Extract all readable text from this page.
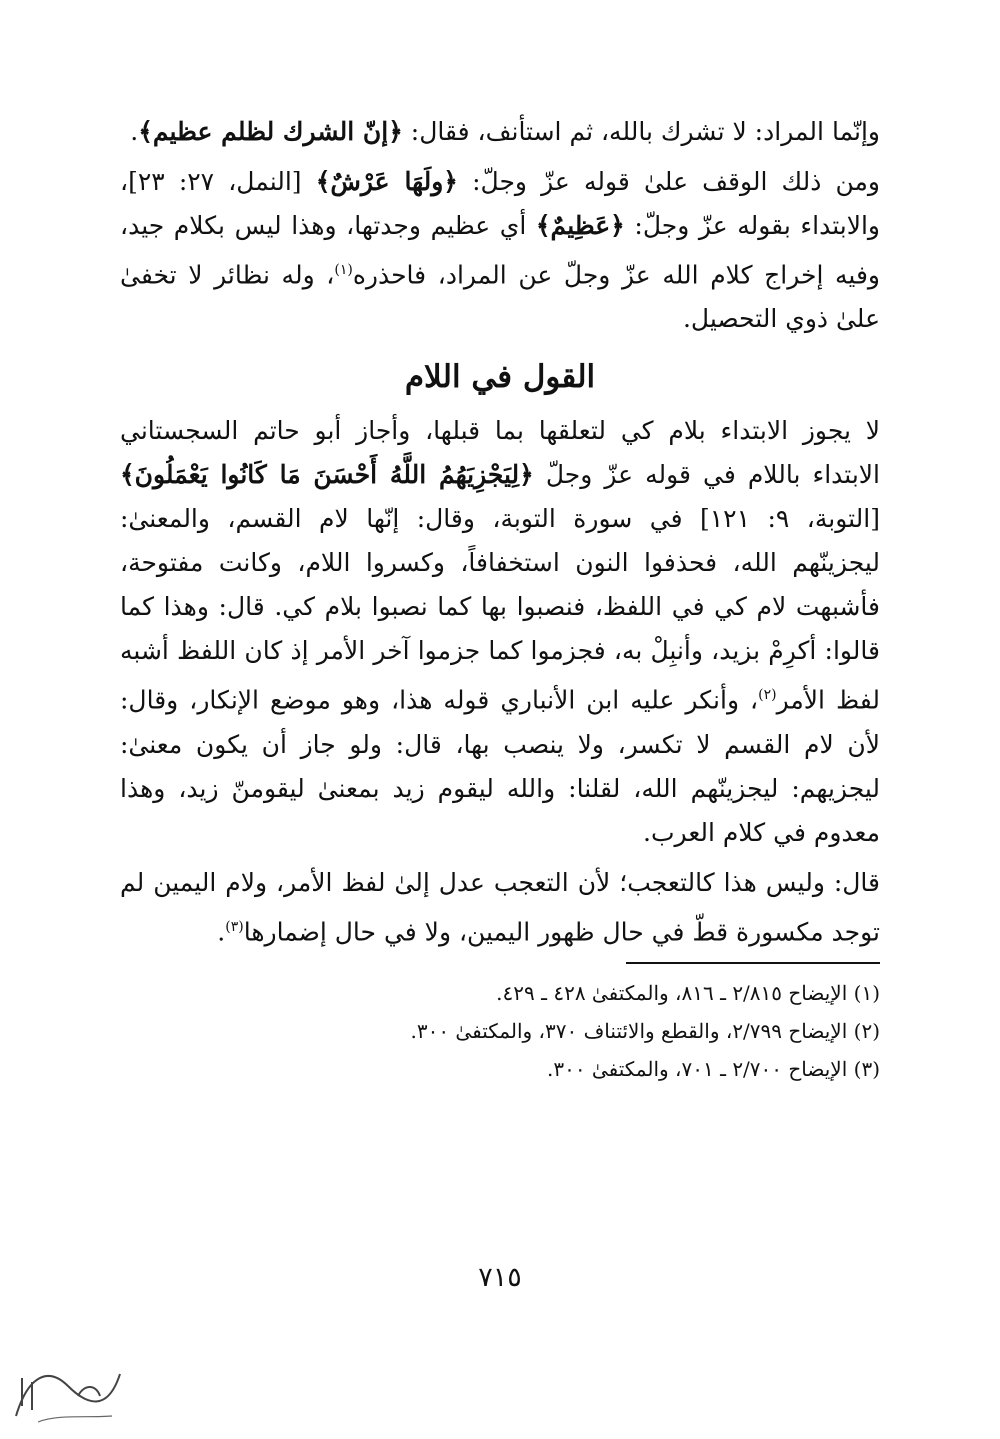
وإنّما المراد: لا تشرك بالله، ثم استأنف، فقال: ﴿إنّ الشرك لظلم عظيم﴾.

ومن ذلك الوقف علىٰ قوله عزّ وجلّ: ﴿ولَهَا عَرْشٌ﴾ [النمل، ٢٧: ٢٣]، والابتداء بقوله عزّ وجلّ: ﴿عَظِيمٌ﴾ أي عظيم وجدتها، وهذا ليس بكلام جيد، وفيه إخراج كلام الله عزّ وجلّ عن المراد، فاحذره$^{(١)}$، وله نظائر لا تخفىٰ علىٰ ذوي التحصيل.

القول في اللام

لا يجوز الابتداء بلام كي لتعلقها بما قبلها، وأجاز أبو حاتم السجستاني الابتداء باللام في قوله عزّ وجلّ ﴿لِيَجْزِيَهُمُ اللَّهُ أَحْسَنَ مَا كَانُوا يَعْمَلُونَ﴾ [التوبة، ٩: ١٢١] في سورة التوبة، وقال: إنّها لام القسم، والمعنىٰ: ليجزينّهم الله، فحذفوا النون استخفافاً، وكسروا اللام، وكانت مفتوحة، فأشبهت لام كي في اللفظ، فنصبوا بها كما نصبوا بلام كي. قال: وهذا كما قالوا: أكرِمْ بزيد، وأنبِلْ به، فجزموا كما جزموا آخر الأمر إذ كان اللفظ أشبه لفظ الأمر$^{(٢)}$، وأنكر عليه ابن الأنباري قوله هذا، وهو موضع الإنكار، وقال: لأن لام القسم لا تكسر، ولا ينصب بها، قال: ولو جاز أن يكون معنىٰ: ليجزيهم: ليجزينّهم الله، لقلنا: والله ليقوم زيد بمعنىٰ ليقومنّ زيد، وهذا معدوم في كلام العرب.

قال: وليس هذا كالتعجب؛ لأن التعجب عدل إلىٰ لفظ الأمر، ولام اليمين لم توجد مكسورة قطّ في حال ظهور اليمين، ولا في حال إضمارها$^{(٣)}$.

(١) الإيضاح ٢/٨١٥ ـ ٨١٦، والمكتفىٰ ٤٢٨ ـ ٤٢٩.

(٢) الإيضاح ٢/٧٩٩، والقطع والائتناف ٣٧٠، والمكتفىٰ ٣٠٠.

(٣) الإيضاح ٢/٧٠٠ ـ ٧٠١، والمكتفىٰ ٣٠٠.

٧١٥
